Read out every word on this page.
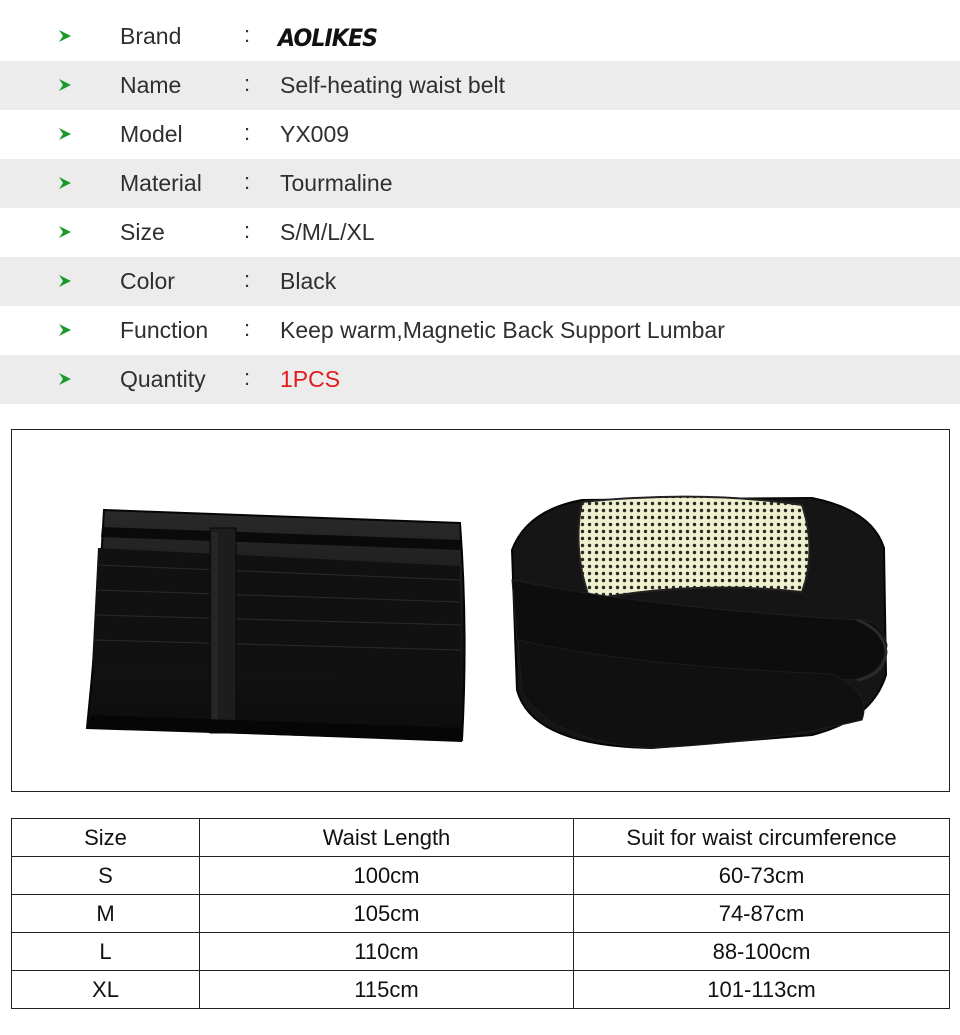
Brand	: AOLIKES
Name	: Self-heating waist belt
Model	: YX009
Material : Tourmaline
Size	: S/M/L/XL
Color	: Black
Function : Keep warm,Magnetic Back Support Lumbar
Quantity : 1PCS
Size	Waist Length	Suit for waist circumference
S	100cm	60-73cm
M	105cm	74-87cm
L	110cm	88-100cm
XL	115cm	101-113cm
